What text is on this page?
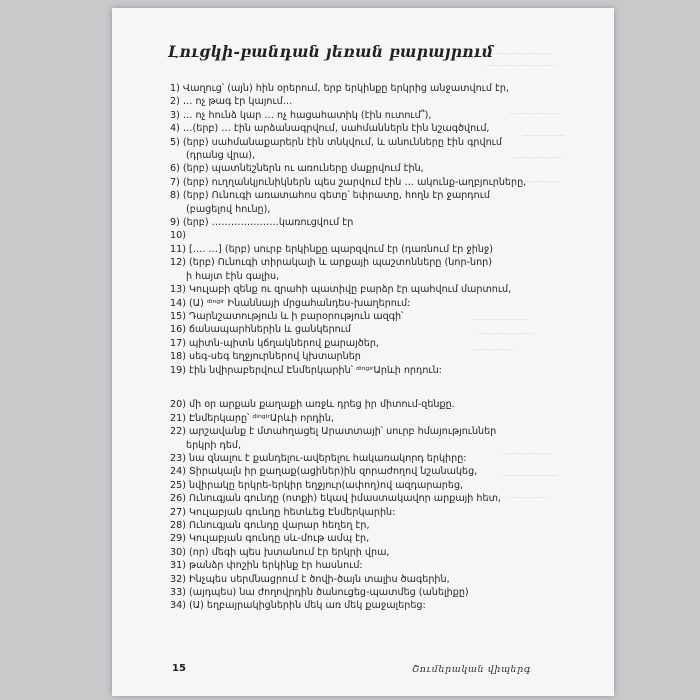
……………………………
…………………………
…………………
………………
…………………
………………
……………………
……………………
………………
…………………
……………………
………………
Լուցկի-բանդան յեռան բարայրում
1) Վաղուց՝ (այն) հին օրերում, երբ երկինքը երկրից անջատվում էր,
2) … ոչ թագ էր կայում…
3) … ոչ հունձ կար … ոչ հացահատիկ (էին ուտում՞),
4) …(երբ) … էին արձանագրվում, սահմաններն էին նշագծվում,
5) (երբ) սահմանաքարերն էին տնկվում, և անունները էին գրվում
(դրանց վրա),
6) (երբ) պատնեշներն ու առուները մաքրվում էին,
7) (երբ) ուղղանկյունիկներն պես շարվում էին … ակունք-աղբյուրները,
8) (երբ) Ունուգի առատահոս գետը՝ եփրատը, հողն էր ջարդում
(բացելով հունը),
9) (երբ) …………………կառուցվում էր
10)
11) […. …] (երբ) սուրբ երկինքը պարզվում էր (դառնում էր ջինջ)
12) (երբ) Ունուգի տիրակալի և արքայի պաշտոնները (նոր-նոր)
ի հայտ էին գալիս,
13) Կուլաբի զենք ու զրահի պատիվը բարձր էր պահվում մարտում,
14) (Ա) ᵈⁱⁿᵍⁱʳ Ինաննայի մրցահանդես-խաղերում:
15) Դարնշատություն և ի բարօրություն ազգի՝
16) ճանապարհներին և ցանկերում
17) պիտն-պիտն կճղակներով քարայծեր,
18) սեգ-սեգ եղջյուրներով կխտարներ
19) էին նվիրաբերվում Էնմերկարին՝ ᵈⁱⁿᵍⁱʳԱրևի որդուն:
20) մի օր արքան քաղաքի առջև դրեց իր միտում-զենքը.
21) Էնմերկարը՝ ᵈⁱⁿᵍⁱʳԱրևի որդին,
22) արշավանք է մտահղացել Արատտայի՝ սուրբ հմայություններ
երկրի դեմ,
23) նա զնալու է քանդելու-ավերելու հակառակորդ երկիրը:
24) Տիրակալն իր քաղաք(ացիներ)ին զորաժողով նշանակեց,
25) նվիրակը երկրե-երկիր եղջյուր(ափող)ով ազդարարեց,
26) Ունուգյան գունդը (ոտքի) եկավ իմաստակավոր արքայի հետ,
27) Կուլաբյան գունդը հետևեց Էնմերկարին:
28) Ունուգյան գունդը վարար հեղեղ էր,
29) Կուլաբյան գունդը սև-մութ ամպ էր,
30) (որ) մեգի պես խտանում էր երկրի վրա,
31) թանձր փոշին երկինք էր հասնում:
32) Ինչպես սերմնացրում է ծովի-ծայն տալիս ծագերին,
33) (այդպես) նա ժողովրդին ծանուցեց-պատմեց (անելիքը)
34) (Ա) եղբայրակիցներին մեկ առ մեկ քաջալերեց:
15	Շումերական վիպերգ
